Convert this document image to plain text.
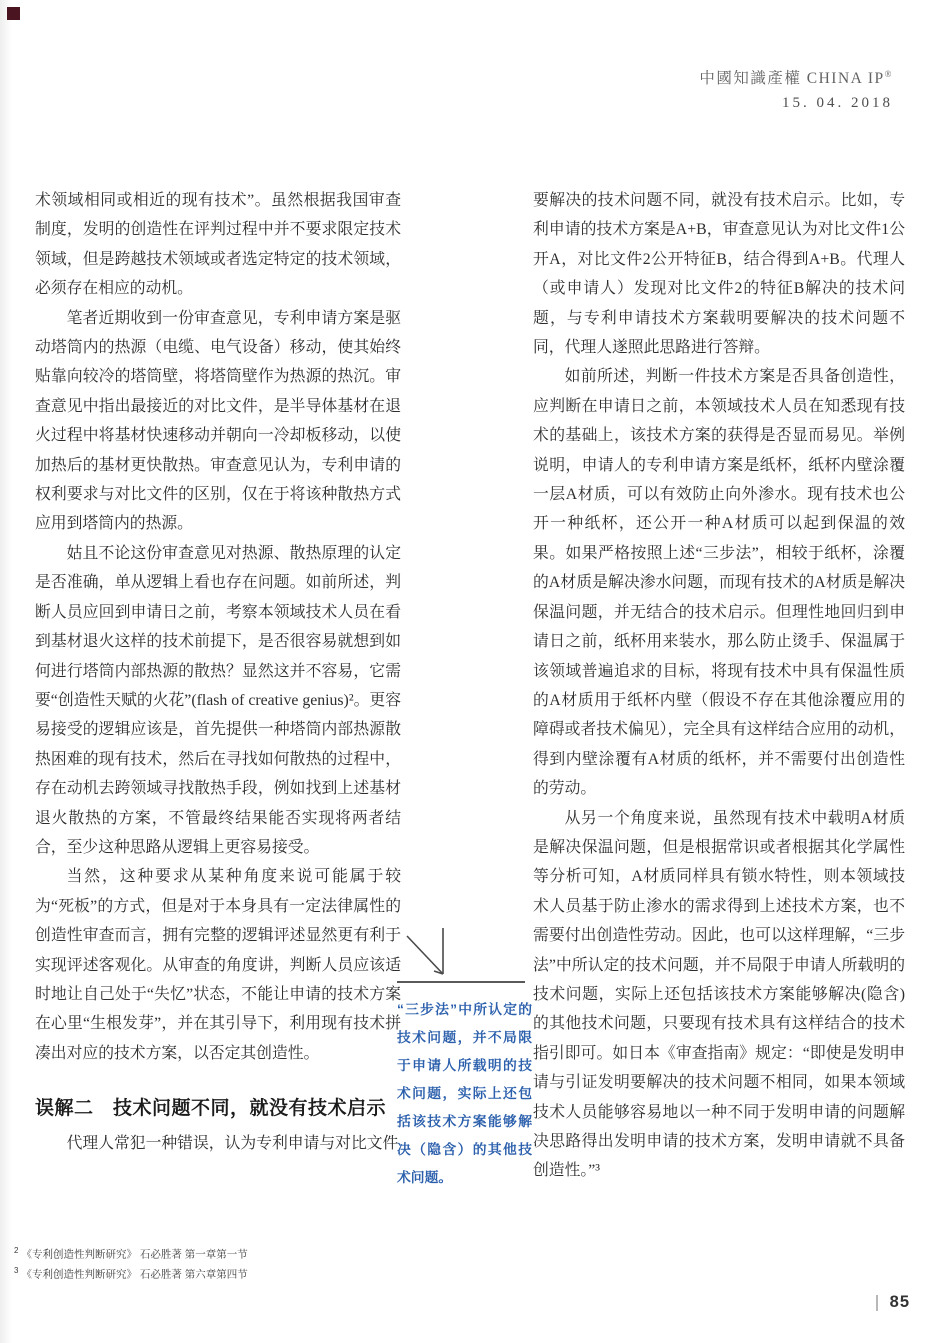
中國知識產權 CHINA IP®
15. 04. 2018

术领域相同或相近的现有技术”。虽然根据我国审查制度，发明的创造性在评判过程中并不要求限定技术领域，但是跨越技术领域或者选定特定的技术领域，必须存在相应的动机。

笔者近期收到一份审查意见，专利申请方案是驱动塔筒内的热源（电缆、电气设备）移动，使其始终贴靠向较冷的塔筒壁，将塔筒壁作为热源的热沉。审查意见中指出最接近的对比文件，是半导体基材在退火过程中将基材快速移动并朝向一冷却板移动，以使加热后的基材更快散热。审查意见认为，专利申请的权利要求与对比文件的区别，仅在于将该种散热方式应用到塔筒内的热源。

姑且不论这份审查意见对热源、散热原理的认定是否准确，单从逻辑上看也存在问题。如前所述，判断人员应回到申请日之前，考察本领域技术人员在看到基材退火这样的技术前提下，是否很容易就想到如何进行塔筒内部热源的散热？显然这并不容易，它需要“创造性天赋的火花”(flash of creative genius)²。更容易接受的逻辑应该是，首先提供一种塔筒内部热源散热困难的现有技术，然后在寻找如何散热的过程中，存在动机去跨领域寻找散热手段，例如找到上述基材退火散热的方案，不管最终结果能否实现将两者结合，至少这种思路从逻辑上更容易接受。

当然，这种要求从某种角度来说可能属于较为“死板”的方式，但是对于本身具有一定法律属性的创造性审查而言，拥有完整的逻辑评述显然更有利于实现评述客观化。从审查的角度讲，判断人员应该适时地让自己处于“失忆”状态，不能让申请的技术方案在心里“生根发芽”，并在其引导下，利用现有技术拼凑出对应的技术方案，以否定其创造性。

误解二　技术问题不同，就没有技术启示

代理人常犯一种错误，认为专利申请与对比文件

要解决的技术问题不同，就没有技术启示。比如，专利申请的技术方案是A+B，审查意见认为对比文件1公开A，对比文件2公开特征B，结合得到A+B。代理人（或申请人）发现对比文件2的特征B解决的技术问题，与专利申请技术方案载明要解决的技术问题不同，代理人遂照此思路进行答辩。

如前所述，判断一件技术方案是否具备创造性，应判断在申请日之前，本领域技术人员在知悉现有技术的基础上，该技术方案的获得是否显而易见。举例说明，申请人的专利申请方案是纸杯，纸杯内壁涂覆一层A材质，可以有效防止向外渗水。现有技术也公开一种纸杯，还公开一种A材质可以起到保温的效果。如果严格按照上述“三步法”，相较于纸杯，涂覆的A材质是解决渗水问题，而现有技术的A材质是解决保温问题，并无结合的技术启示。但理性地回归到申请日之前，纸杯用来装水，那么防止烫手、保温属于该领域普遍追求的目标，将现有技术中具有保温性质的A材质用于纸杯内壁（假设不存在其他涂覆应用的障碍或者技术偏见），完全具有这样结合应用的动机，得到内壁涂覆有A材质的纸杯，并不需要付出创造性的劳动。

从另一个角度来说，虽然现有技术中载明A材质是解决保温问题，但是根据常识或者根据其化学属性等分析可知，A材质同样具有锁水特性，则本领域技术人员基于防止渗水的需求得到上述技术方案，也不需要付出创造性劳动。因此，也可以这样理解，“三步法”中所认定的技术问题，并不局限于申请人所载明的技术问题，实际上还包括该技术方案能够解决(隐含)的其他技术问题，只要现有技术具有这样结合的技术指引即可。如日本《审查指南》规定：“即使是发明申请与引证发明要解决的技术问题不相同，如果本领域技术人员能够容易地以一种不同于发明申请的问题解决思路得出发明申请的技术方案，发明申请就不具备创造性。”³

“三步法”中所认定的技术问题，并不局限于申请人所载明的技术问题，实际上还包括该技术方案能够解决（隐含）的其他技术问题。
$^2$ 《专利创造性判断研究》 石必胜著 第一章第一节
$^3$ 《专利创造性判断研究》 石必胜著 第六章第四节
85
